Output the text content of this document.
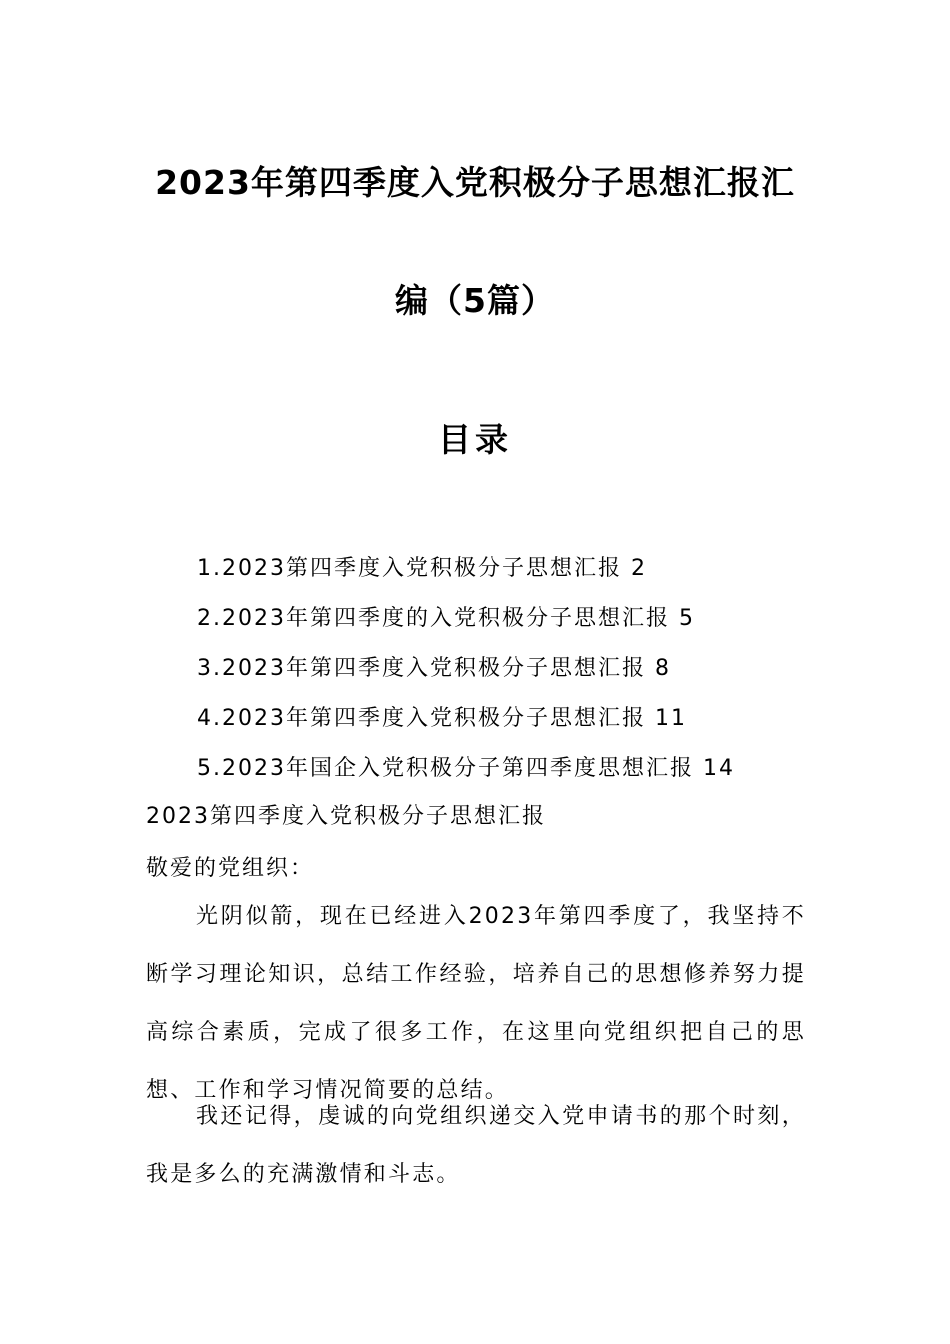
2023年第四季度入党积极分子思想汇报汇
编（5篇）
目录
1.2023第四季度入党积极分子思想汇报 2
2.2023年第四季度的入党积极分子思想汇报 5
3.2023年第四季度入党积极分子思想汇报 8
4.2023年第四季度入党积极分子思想汇报 11
5.2023年国企入党积极分子第四季度思想汇报 14
2023第四季度入党积极分子思想汇报
敬爱的党组织：

光阴似箭，现在已经进入2023年第四季度了，我坚持不断学习理论知识，总结工作经验，培养自己的思想修养努力提高综合素质，完成了很多工作，在这里向党组织把自己的思想、工作和学习情况简要的总结。

我还记得，虔诚的向党组织递交入党申请书的那个时刻，我是多么的充满激情和斗志。
